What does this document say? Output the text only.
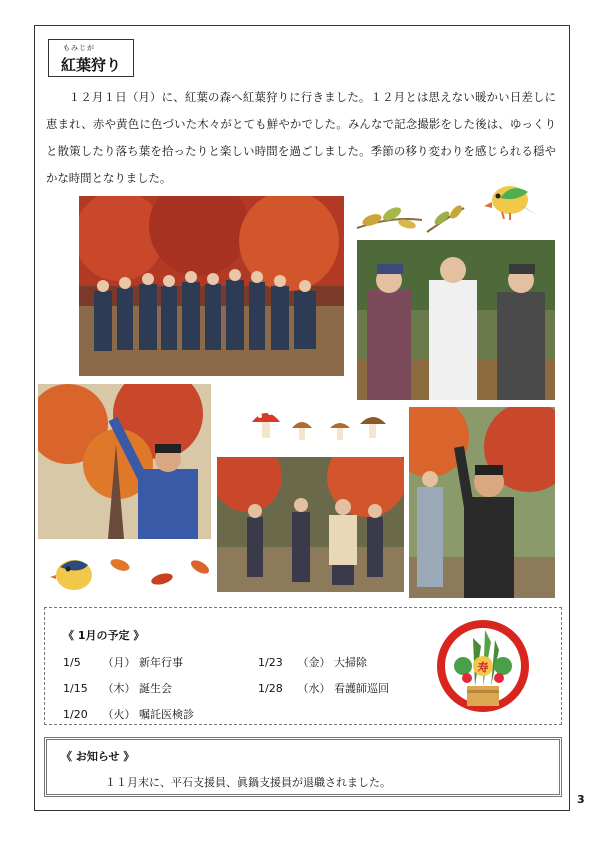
もみじが
紅葉狩り
１２月１日（月）に、紅葉の森へ紅葉狩りに行きました。１２月とは思えない暖かい日差しに恵まれ、赤や黄色に色づいた木々がとても鮮やかでした。みんなで記念撮影をした後は、ゆっくりと散策したり落ち葉を拾ったりと楽しい時間を過ごしました。季節の移り変わりを感じられる穏やかな時間となりました。
《 1月の予定 》
1/5 （月） 新年行事
1/15 （木） 誕生会
1/20 （火） 嘱託医検診
1/23 （金） 大掃除
1/28 （水） 看護師巡回
寿
《 お知らせ 》
１１月末に、平石支援員、眞鍋支援員が退職されました。
3
